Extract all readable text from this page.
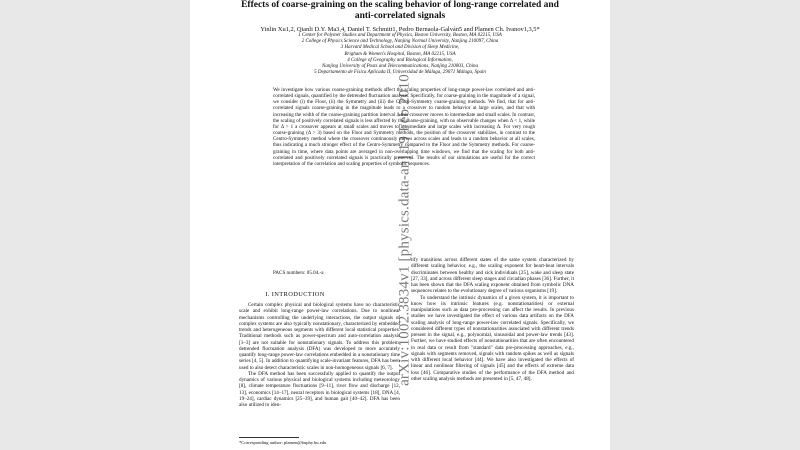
arXiv:1002.3834v1 [physics.data-an] 19 Feb 2010
Effects of coarse-graining on the scaling behavior of long-range correlated and
anti-correlated signals
Yinlin Xu1,2, Qianli D.Y. Ma3,4, Daniel T. Schmitt1, Pedro Bernaola-Galván5 and Plamen Ch. Ivanov1,3,5*
1 Center for Polymer Studies and Department of Physics, Boston University, Boston, MA 02215, USA
2 College of Physics Science and Technology, Nanjing Normal University, Nanjing 210097, China
3 Harvard Medical School and Division of Sleep Medicine,
Brigham & Women's Hospital, Boston, MA 02215, USA
4 College of Geography and Biological Information,
Nanjing University of Posts and Telecommunications, Nanjing 210003, China
5 Departamento de Física Aplicada II, Universidad de Málaga, 29071 Málaga, Spain

We investigate how various coarse-graining methods affect the scaling properties of long-range power-law correlated and anti-correlated signals, quantified by the detrended fluctuation analysis. Specifically, for coarse-graining in the magnitude of a signal, we consider (i) the Floor, (ii) the Symmetry and (iii) the Centro-Symmetry coarse-graining methods. We find, that for anti-correlated signals coarse-graining in the magnitude leads to a crossover to random behavior at large scales, and that with increasing the width of the coarse-graining partition interval Δ this crossover moves to intermediate and small scales. In contrast, the scaling of positively correlated signals is less affected by the coarse-graining, with no observable changes when Δ < 1, while for Δ > 1 a crossover appears at small scales and moves to intermediate and large scales with increasing Δ. For very rough coarse-graining (Δ > 3) based on the Floor and Symmetry methods, the position of the crossover stabilizes, in contrast to the Centro-Symmetry method where the crossover continuously moves across scales and leads to a random behavior at all scales, thus indicating a much stronger effect of the Centro-Symmetry compared to the Floor and the Symmetry methods. For coarse-graining in time, where data points are averaged in non-overlapping time windows, we find that the scaling for both anti-correlated and positively correlated signals is practically preserved. The results of our simulations are useful for the correct interpretation of the correlation and scaling properties of symbolic sequences.

PACS numbers: 05.04.-a
I. INTRODUCTION

Certain complex physical and biological systems have no characteristic scale and exhibit long-range power-law correlations. Due to nonlinear mechanisms controlling the underlying interactions, the output signals of complex systems are also typically nonstationary, characterized by embedded trends and heterogeneous segments with different local statistical properties. Traditional methods such as power-spectrum and auto-correlation analysis [1–3] are not suitable for nonstationary signals. To address this problem, detrended fluctuation analysis (DFA) was developed to more accurately quantify long-range power-law correlations embedded in a nonstationary time series [4, 5]. In addition to quantifying scale-invariant features, DFA has been used to also detect characteristic scales in non-homogeneous signals [6, 7].

The DFA method has been successfully applied to quantify the output dynamics of various physical and biological systems including meteorology [8], climate temperature fluctuations [9–11], river flow and discharge [12, 13], economics [14–17], neural receptors in biological systems [18], DNA [4, 19–24], cardiac dynamics [25–39], and human gait [40–42]. DFA has been also utilized to iden-

tify transitions across different states of the same system characterized by different scaling behavior, e.g., the scaling exponent for heart-beat intervals discriminates between healthy and sick individuals [25], wake and sleep state [27, 33], and across different sleep stages and circadian phases [36]. Further, it has been shown that the DFA scaling exponent obtained from symbolic DNA sequences relates to the evolutionary degree of various organisms [19].

To understand the intrinsic dynamics of a given system, it is important to know how its intrinsic features (e.g. nonstationarities) or external manipulations such as data pre-processing can affect the results. In previous studies we have investigated the effect of various data artifacts on the DFA scaling analysis of long-range power-law correlated signals. Specifically, we considered different types of nonstationarities associated with different trends present in the signal, e.g., polynomial, sinusoidal and power-law trends [43]. Further, we have studied effects of nonstationarities that are often encountered in real data or result from "standard" data pre-processing approaches, e.g., signals with segments removed, signals with random spikes as well as signals with different local behavior [44]. We have also investigated the effects of linear and nonlinear filtering of signals [45] and the effects of extreme data loss [46]. Comparative studies of the performance of the DFA method and other scaling analysis methods are presented in [5, 47, 48].

*Corresponding author: plamen@buphy.bu.edu
